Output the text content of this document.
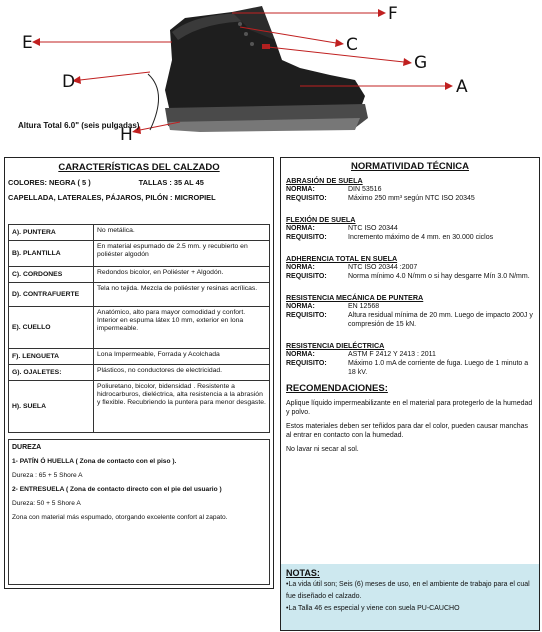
F
E	C
G
D	A
H
Altura Total 6.0" (seis pulgadas)
CARACTERÍSTICAS DEL CALZADO
COLORES: NEGRA ( 5 )	TALLAS : 35 AL 45
CAPELLADA, LATERALES, PÁJAROS, PILÓN : MICROPIEL
A). PUNTERA	No metálica.
B). PLANTILLA	En material espumado de 2.5 mm. y recubierto en poliéster algodón
C). CORDONES	Redondos bicolor, en Poliéster + Algodón.
D). CONTRAFUERTE	Tela no tejida. Mezcla de poliéster y resinas acrílicas.
E). CUELLO	Anatómico, alto para mayor comodidad y confort. Interior en espuma látex 10 mm, exterior en lona impermeable.
F). LENGUETA	Lona Impermeable, Forrada y Acolchada
G). OJALETES:	Plásticos, no conductores de electricidad.
H). SUELA	Poliuretano, bicolor, bidensidad . Resistente a hidrocarburos, dieléctrica, alta resistencia a la abrasión y flexible. Recubriendo la puntera para menor desgaste.
DUREZA
1- PATÍN Ó HUELLA ( Zona de contacto con el piso ).
Dureza : 65 + 5 Shore A
2- ENTRESUELA ( Zona de contacto directo con el pie del usuario )
Dureza: 50 + 5 Shore A
Zona con material más espumado, otorgando excelente confort al zapato.
NORMATIVIDAD TÉCNICA
ABRASIÓN DE SUELA
NORMA:	DIN 53516
REQUISITO:	Máximo 250 mm³ según NTC ISO 20345
FLEXIÓN DE SUELA
NORMA:	NTC ISO 20344
REQUISITO:	Incremento máximo de 4 mm. en 30.000 ciclos
ADHERENCIA TOTAL EN SUELA
NORMA:	NTC ISO 20344 :2007
REQUISITO:	Norma mínimo 4.0 N/mm o si hay desgarre Mín 3.0 N/mm.
RESISTENCIA MECÁNICA DE PUNTERA
NORMA:	EN 12568
REQUISITO:	Altura residual mínima de 20 mm. Luego de impacto 200J y compresión de 15 kN.
RESISTENCIA DIELÉCTRICA
NORMA:	ASTM F 2412 Y 2413 : 2011
REQUISITO:	Máximo 1.0 mA de corriente de fuga. Luego de 1 minuto a 18 kV.
RECOMENDACIONES:
Aplique líquido impermeabilizante en el material para protegerlo de la humedad y polvo.
Estos materiales deben ser teñidos para dar el color, pueden causar manchas al entrar en contacto con la humedad.
No lavar ni secar al sol.
NOTAS:
•La vida útil son; Seis (6) meses de uso, en el ambiente de trabajo para el cual fue diseñado el calzado.
•La Talla 46 es especial y viene con suela PU-CAUCHO
